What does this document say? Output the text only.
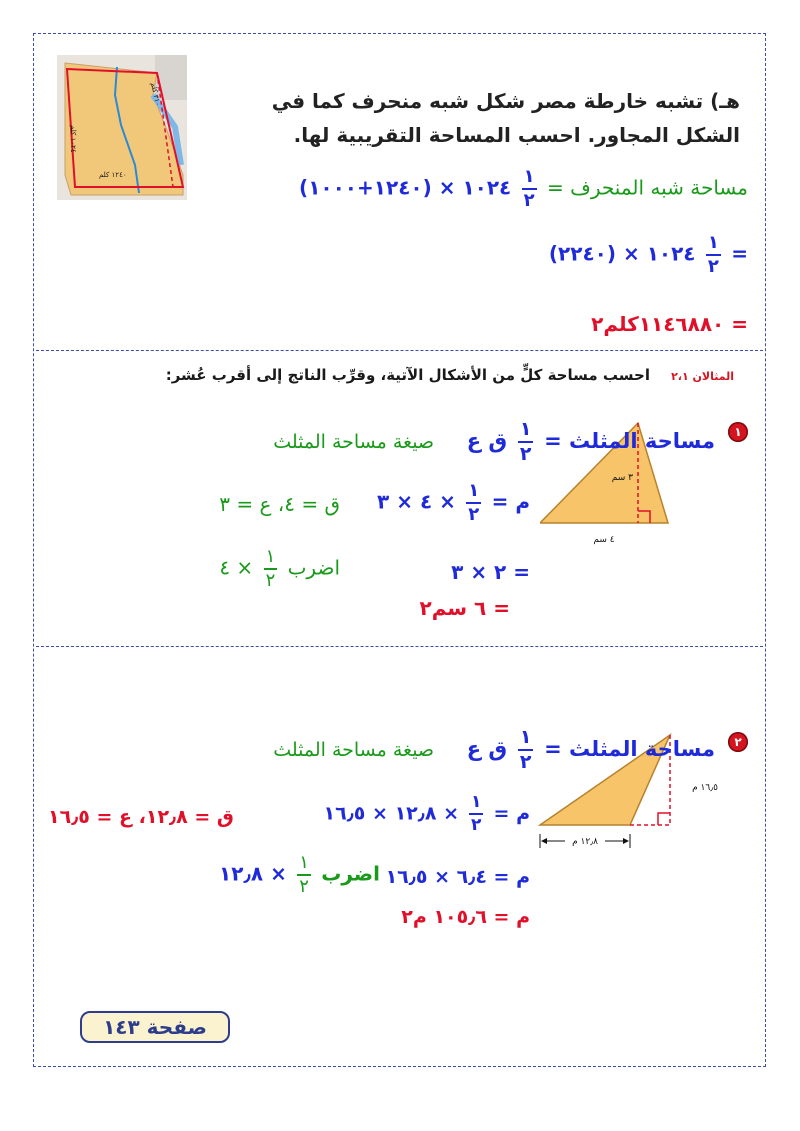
١٠٢٤ كلم
٣١٠ كلم
١٢٤٠ كلم
هـ) تشبه خارطة مصر شكل شبه منحرف كما في
الشكل المجاور. احسب المساحة التقريبية لها.
مساحة شبه المنحرف =
$\frac{١}{٢}$
١٠٢٤ × (١٢٤٠+١٠٠٠)
=
$\frac{١}{٢}$
١٠٢٤ × (٢٢٤٠)
= ١١٤٦٨٨٠كلم٢
المثالان ٢،١
احسب مساحة كلٍّ من الأشكال الآتية، وقرِّب الناتج إلى أقرب عُشر:
١
٣ سم
٤ سم
مساحة المثلث =
$\frac{١}{٢}$
ق ع صيغة مساحة المثلث
م =
$\frac{١}{٢}$
× ٤ × ٣
ق = ٤، ع = ٣
= ٢ × ٣
اضرب
$\frac{١}{٢}$
× ٤
= ٦ سم٢
٢
١٦٫٥ م
١٢٫٨ م
مساحة المثلث =
$\frac{١}{٢}$
ق ع صيغة مساحة المثلث
م =
$\frac{١}{٢}$
× ١٢٫٨ × ١٦٫٥
ق = ١٢٫٨، ع = ١٦٫٥
م = ٦٫٤ × ١٦٫٥
اضرب
$\frac{١}{٢}$
× ١٢٫٨
م = ١٠٥٫٦ م٢
صفحة ١٤٣
